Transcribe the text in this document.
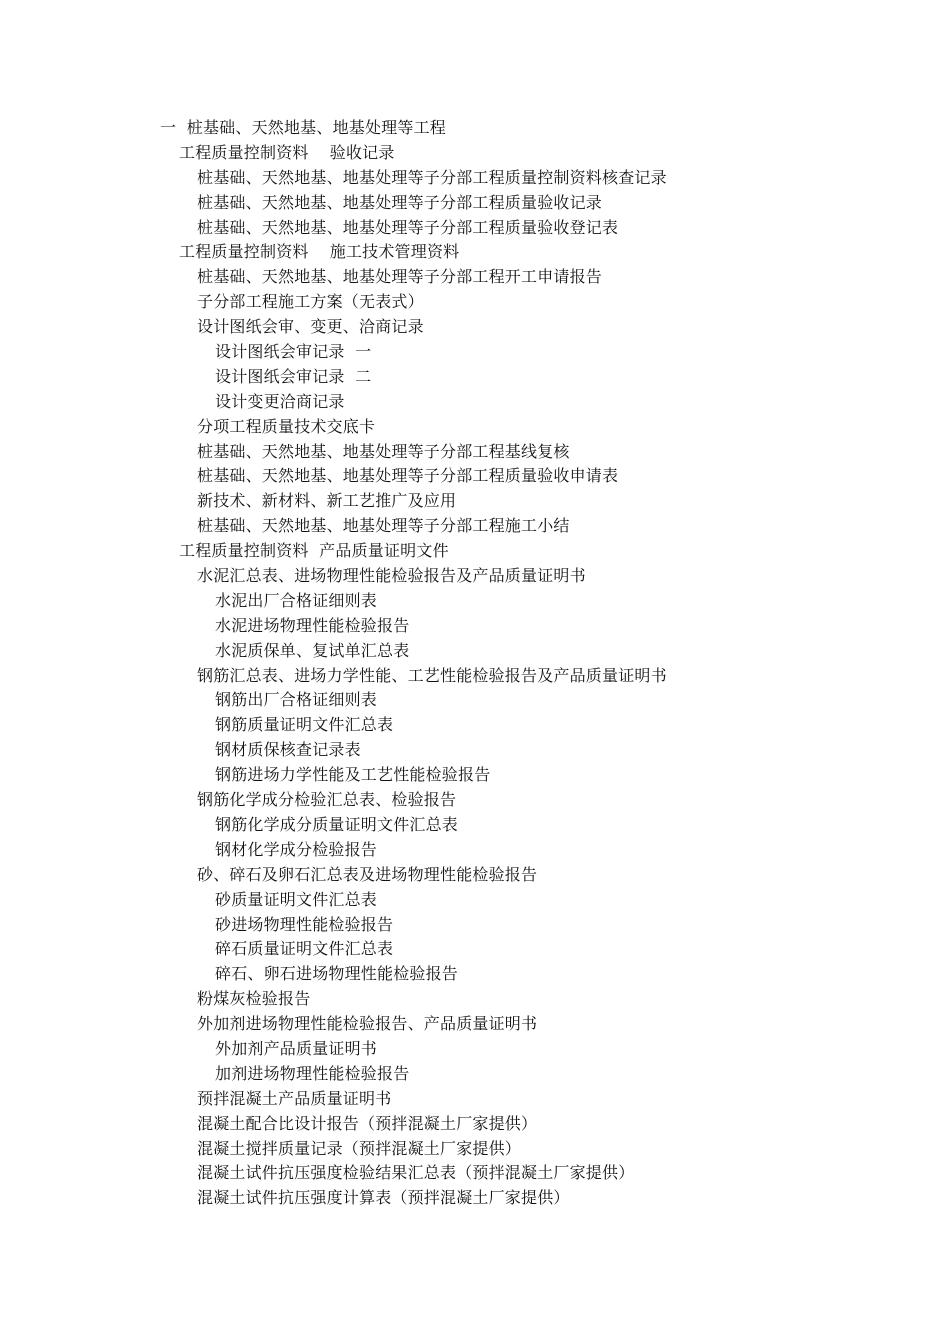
一  桩基础、天然地基、地基处理等工程
工程质量控制资料    验收记录
桩基础、天然地基、地基处理等子分部工程质量控制资料核查记录
桩基础、天然地基、地基处理等子分部工程质量验收记录
桩基础、天然地基、地基处理等子分部工程质量验收登记表
工程质量控制资料    施工技术管理资料
桩基础、天然地基、地基处理等子分部工程开工申请报告
子分部工程施工方案（无表式）
设计图纸会审、变更、洽商记录
设计图纸会审记录  一
设计图纸会审记录  二
设计变更洽商记录
分项工程质量技术交底卡
桩基础、天然地基、地基处理等子分部工程基线复核
桩基础、天然地基、地基处理等子分部工程质量验收申请表
新技术、新材料、新工艺推广及应用
桩基础、天然地基、地基处理等子分部工程施工小结
工程质量控制资料  产品质量证明文件
水泥汇总表、进场物理性能检验报告及产品质量证明书
水泥出厂合格证细则表
水泥进场物理性能检验报告
水泥质保单、复试单汇总表
钢筋汇总表、进场力学性能、工艺性能检验报告及产品质量证明书
钢筋出厂合格证细则表
钢筋质量证明文件汇总表
钢材质保核查记录表
钢筋进场力学性能及工艺性能检验报告
钢筋化学成分检验汇总表、检验报告
钢筋化学成分质量证明文件汇总表
钢材化学成分检验报告
砂、碎石及卵石汇总表及进场物理性能检验报告
砂质量证明文件汇总表
砂进场物理性能检验报告
碎石质量证明文件汇总表
碎石、卵石进场物理性能检验报告
粉煤灰检验报告
外加剂进场物理性能检验报告、产品质量证明书
外加剂产品质量证明书
加剂进场物理性能检验报告
预拌混凝土产品质量证明书
混凝土配合比设计报告（预拌混凝土厂家提供）
混凝土搅拌质量记录（预拌混凝土厂家提供）
混凝土试件抗压强度检验结果汇总表（预拌混凝土厂家提供）
混凝土试件抗压强度计算表（预拌混凝土厂家提供）
